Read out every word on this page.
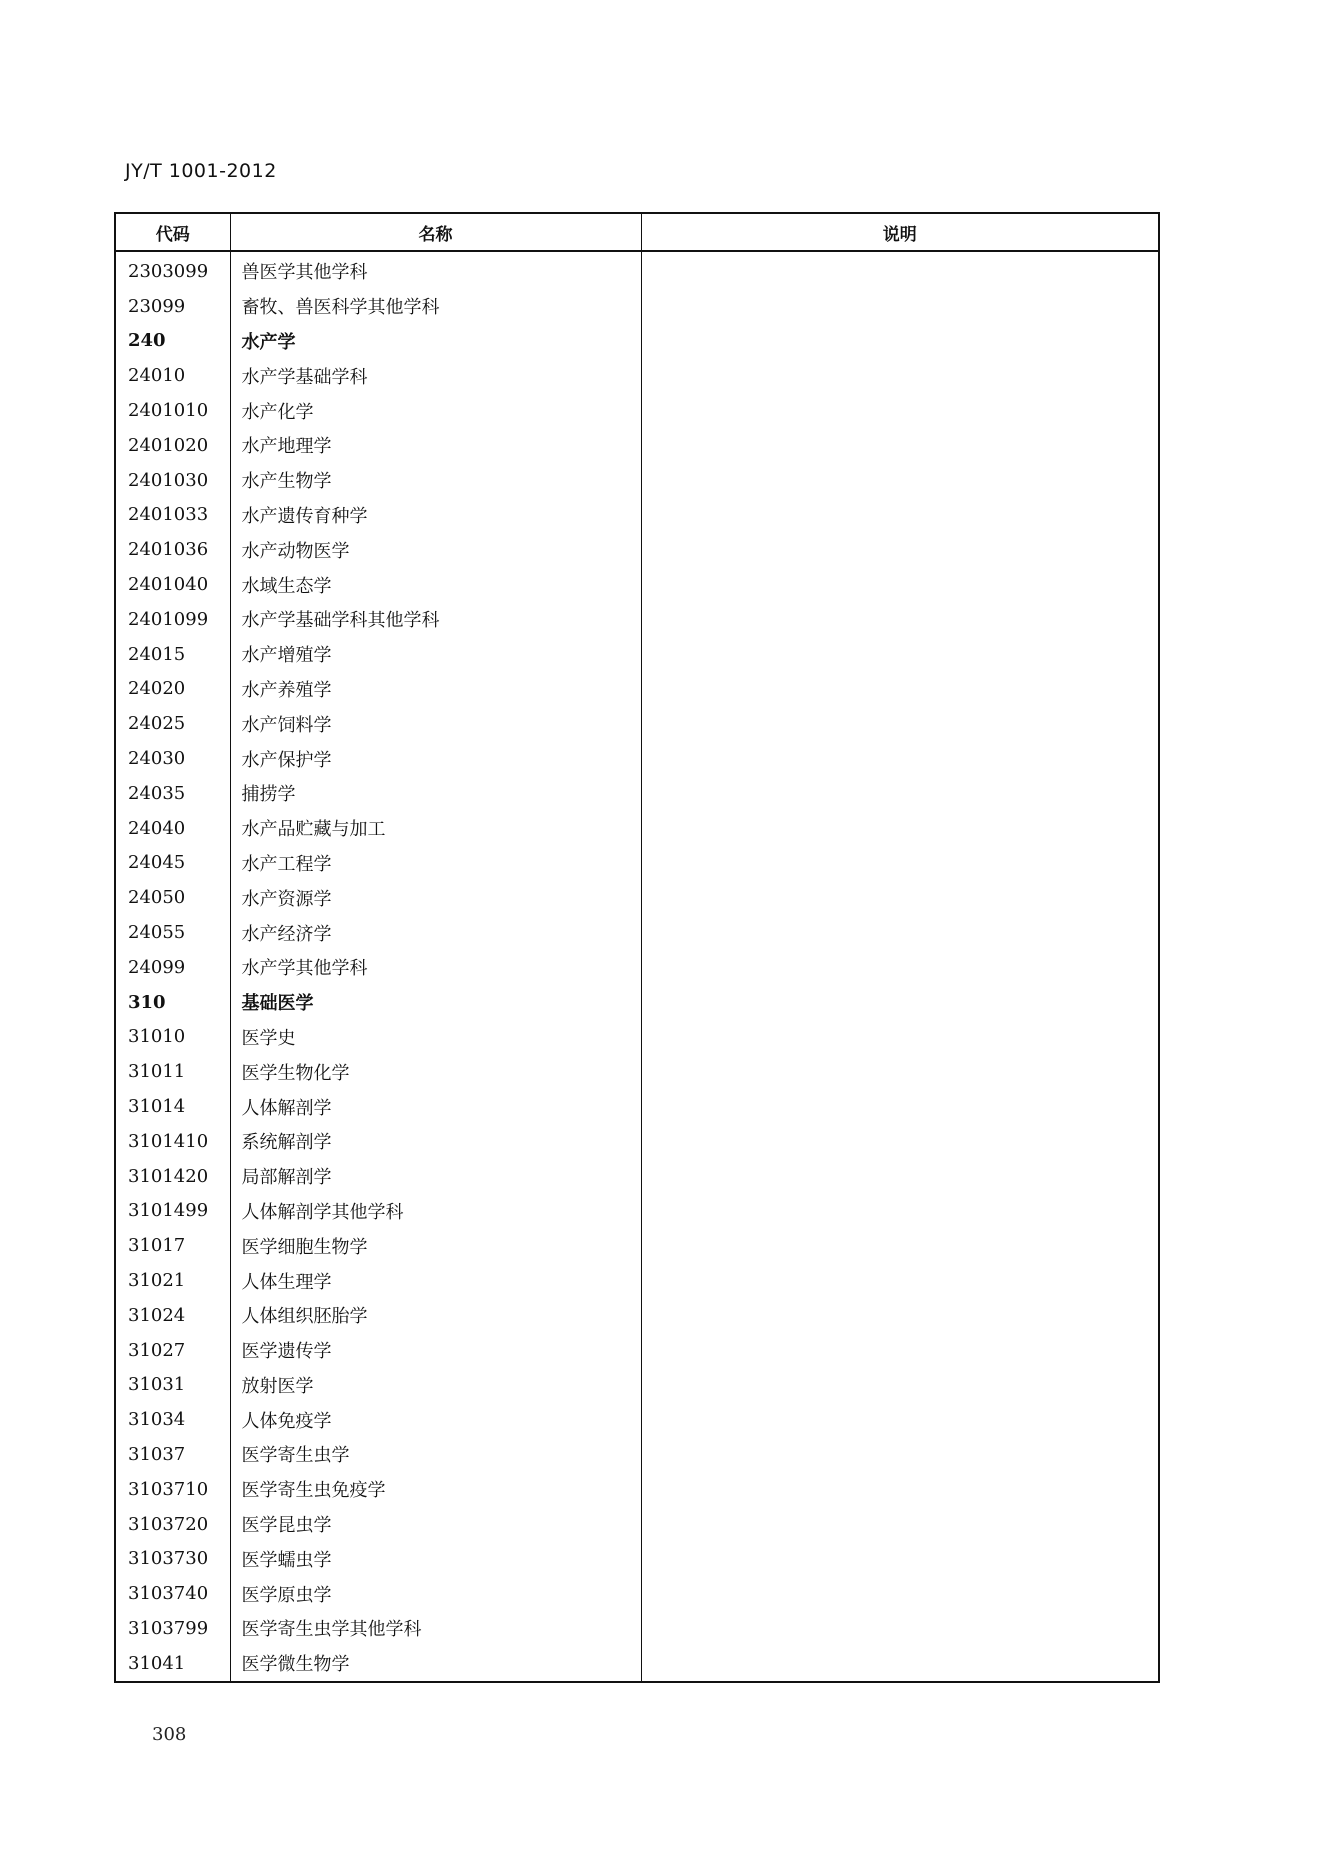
JY/T 1001-2012
代码	名称	说明
2303099	兽医学其他学科	
23099	畜牧、兽医科学其他学科	
240	水产学	
24010	水产学基础学科	
2401010	水产化学	
2401020	水产地理学	
2401030	水产生物学	
2401033	水产遗传育种学	
2401036	水产动物医学	
2401040	水域生态学	
2401099	水产学基础学科其他学科	
24015	水产增殖学	
24020	水产养殖学	
24025	水产饲料学	
24030	水产保护学	
24035	捕捞学	
24040	水产品贮藏与加工	
24045	水产工程学	
24050	水产资源学	
24055	水产经济学	
24099	水产学其他学科	
310	基础医学	
31010	医学史	
31011	医学生物化学	
31014	人体解剖学	
3101410	系统解剖学	
3101420	局部解剖学	
3101499	人体解剖学其他学科	
31017	医学细胞生物学	
31021	人体生理学	
31024	人体组织胚胎学	
31027	医学遗传学	
31031	放射医学	
31034	人体免疫学	
31037	医学寄生虫学	
3103710	医学寄生虫免疫学	
3103720	医学昆虫学	
3103730	医学蠕虫学	
3103740	医学原虫学	
3103799	医学寄生虫学其他学科	
31041	医学微生物学	
308
